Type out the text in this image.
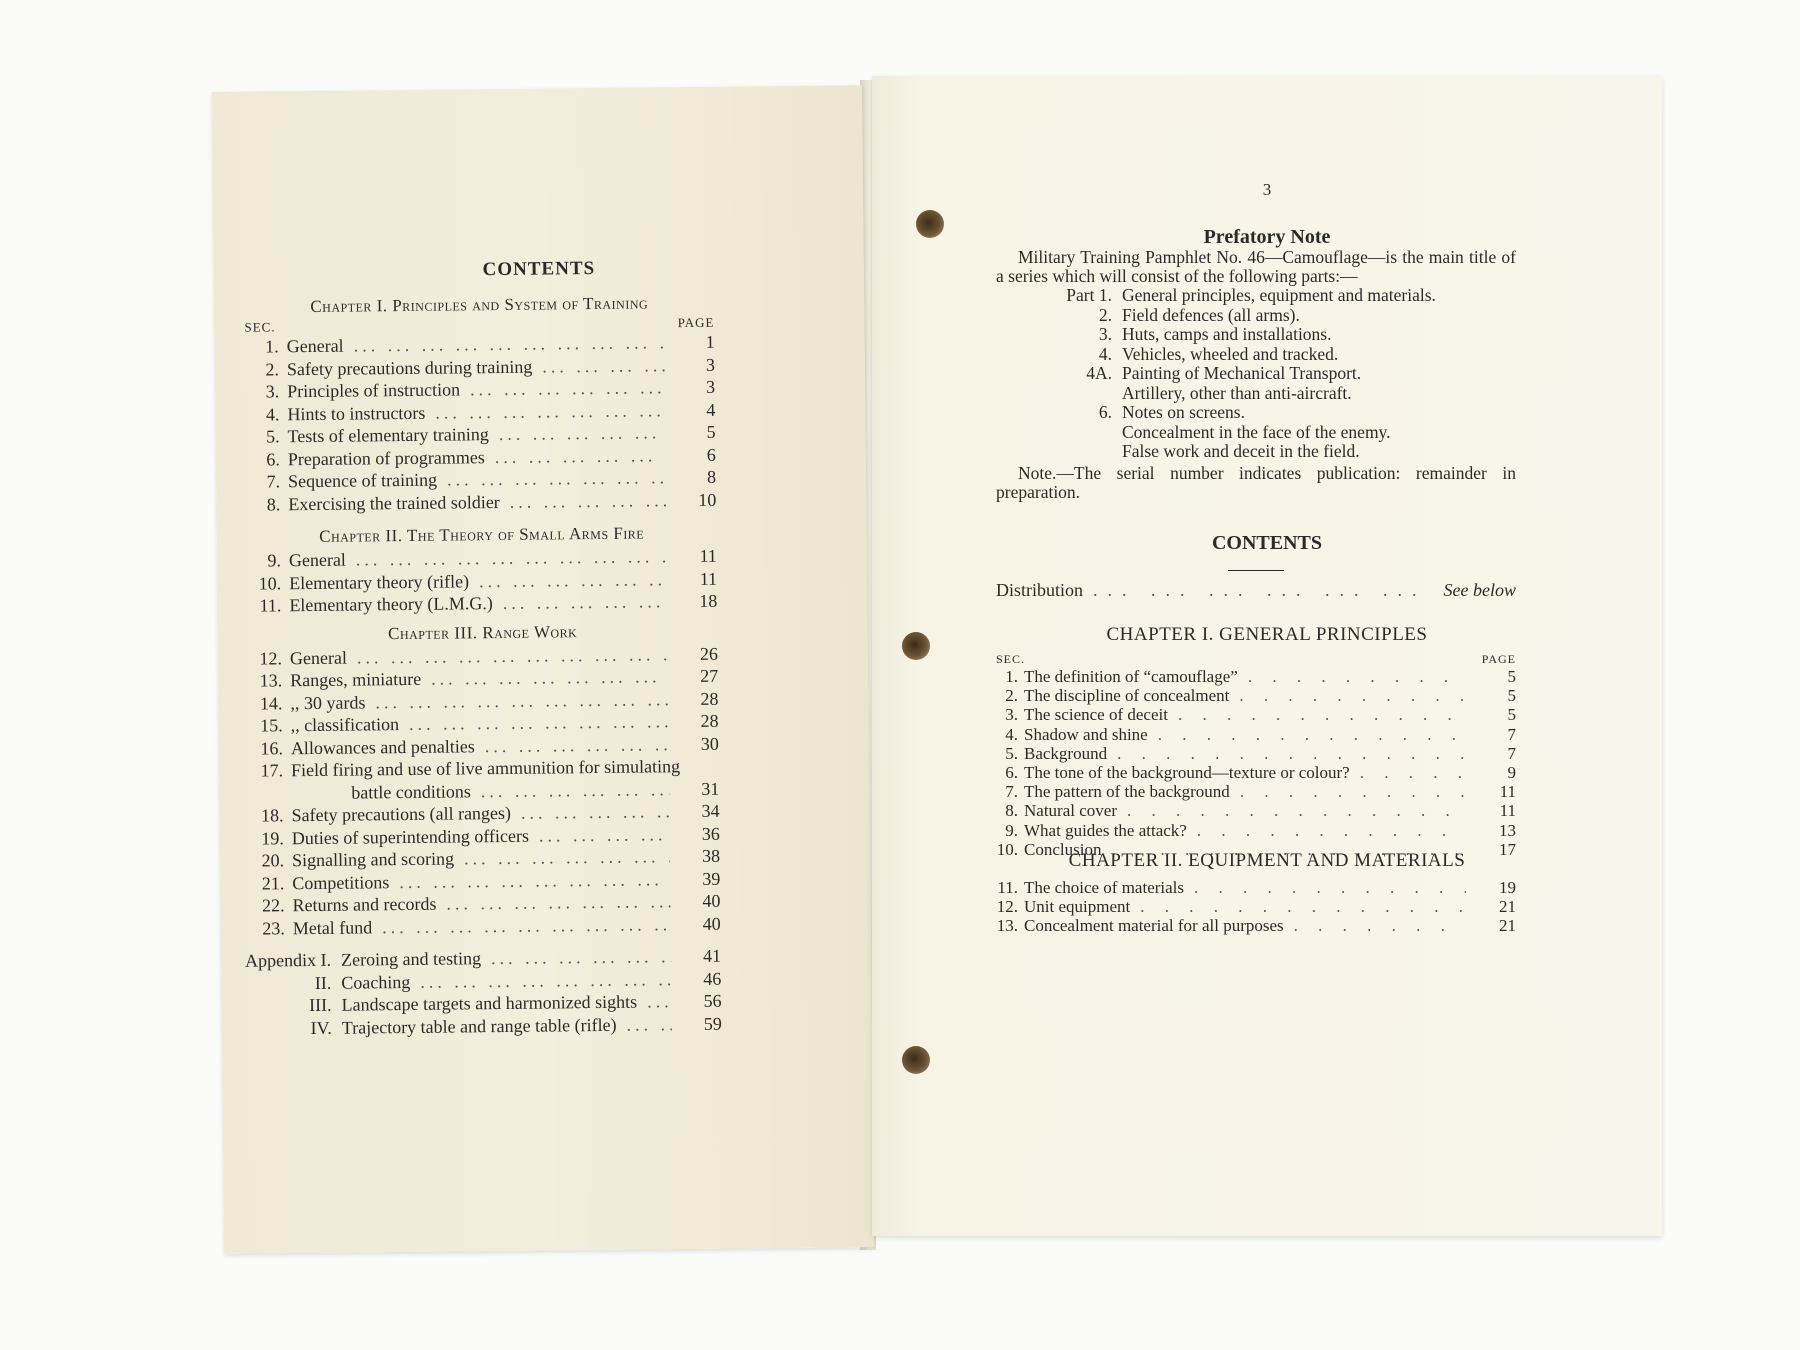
CONTENTS
Chapter I. Principles and System of Training
SEC.	PAGE
1. General ... .	1
2. Safety precautions during training ... .	3
3. Principles of instruction ... .	3
4. Hints to instructors ... .	4
5. Tests of elementary training ... .	5
6. Preparation of programmes ... .	6
7. Sequence of training ... .	8
8. Exercising the trained soldier ... .	10
Chapter II. The Theory of Small Arms Fire
9. General ... .	11
10. Elementary theory (rifle) ... .	11
11. Elementary theory (L.M.G.) ... .	18
Chapter III. Range Work
12. General ... .	26
13. Ranges, miniature ... .	27
14. ,, 30 yards ... .	28
15. ,, classification ... .	28
16. Allowances and penalties ... .	30
17. Field firing and use of live ammunition for simulating
battle conditions ... .	31
18. Safety precautions (all ranges) ... .	34
19. Duties of superintending officers ... .	36
20. Signalling and scoring ... .	38
21. Competitions ... .	39
22. Returns and records ... .	40
23. Metal fund ... .	40
Appendix I. Zeroing and testing ... .	41
II. Coaching ... .	46
III. Landscape targets and harmonized sights ... .	56
IV. Trajectory table and range table (rifle) ... .	59
3
Prefatory Note
Military Training Pamphlet No. 46—Camouflage—is the main title of a series which will consist of the following parts:—
Part 1. General principles, equipment and materials.
2. Field defences (all arms).
3. Huts, camps and installations.
4. Vehicles, wheeled and tracked.
4A. Painting of Mechanical Transport.
Artillery, other than anti-aircraft.
6. Notes on screens.
Concealment in the face of the enemy.
False work and deceit in the field.
Note.—The serial number indicates publication: remainder in preparation.
CONTENTS
Distribution ... .	See below
CHAPTER I. GENERAL PRINCIPLES
SEC.	PAGE
1. The definition of “camouflage” . . .	5
2. The discipline of concealment . . .	5
3. The science of deceit . . .	5
4. Shadow and shine . . .	7
5. Background . . .	7
6. The tone of the background—texture or colour? . . .	9
7. The pattern of the background . . .	11
8. Natural cover . . .	11
9. What guides the attack? . . .	13
10. Conclusion . . .	17
CHAPTER II. EQUIPMENT AND MATERIALS
11. The choice of materials . . .	19
12. Unit equipment . . .	21
13. Concealment material for all purposes . . .	21
